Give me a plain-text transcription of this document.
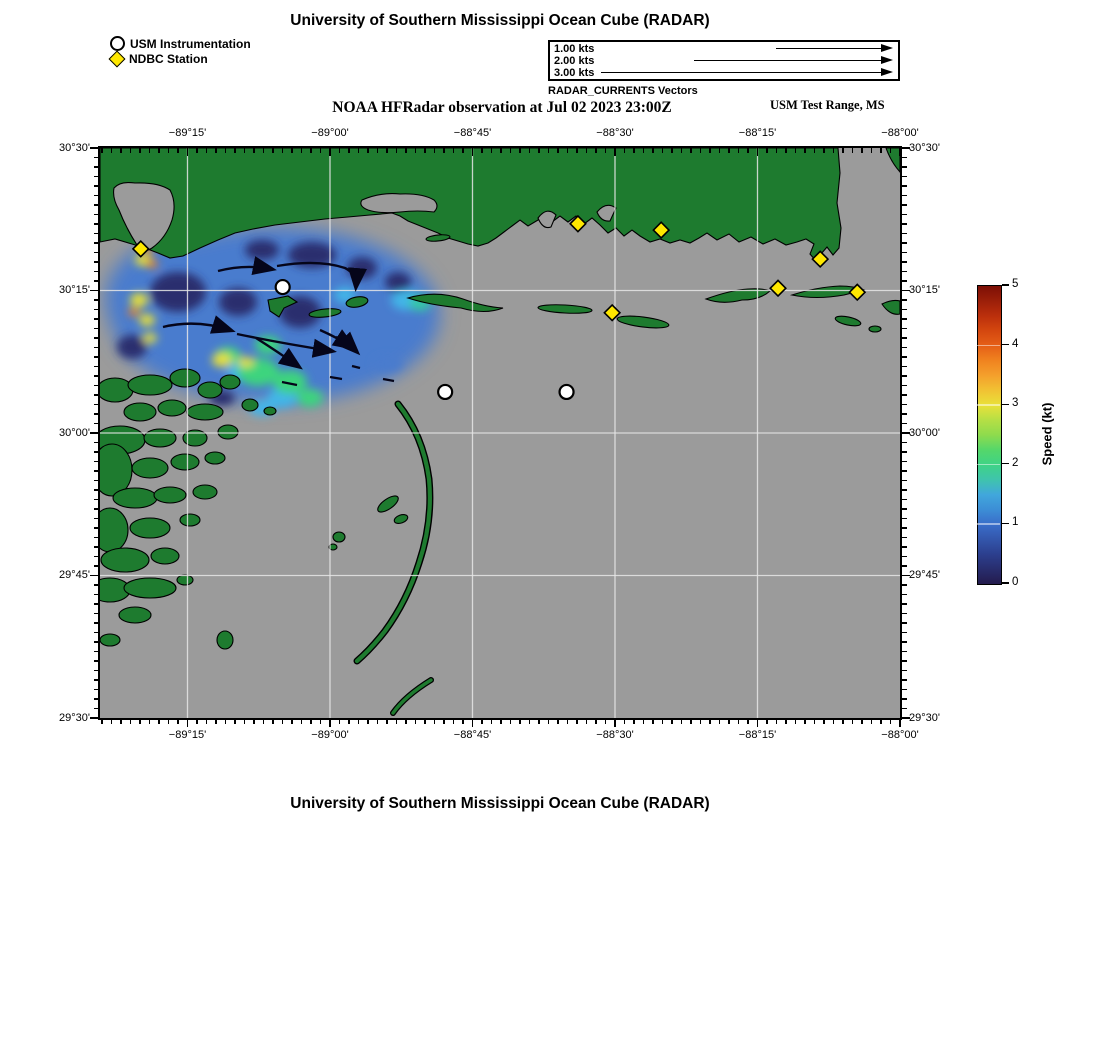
University of Southern Mississippi Ocean Cube (RADAR)
USM Instrumentation
NDBC Station
1.00 kts
2.00 kts
3.00 kts
RADAR_CURRENTS Vectors
NOAA HFRadar observation at Jul 02 2023 23:00Z	USM Test Range, MS
Speed (kt)
University of Southern Mississippi Ocean Cube (RADAR)
−89°15'
−89°15'
−89°00'
−89°00'
−88°45'
−88°45'
−88°30'
−88°30'
−88°15'
−88°15'
−88°00'
−88°00'
30°30'	30°30'
30°15'	30°15'
30°00'	30°00'
29°45'	29°45'
29°30'	29°30'
0
1
2
3
4
5
